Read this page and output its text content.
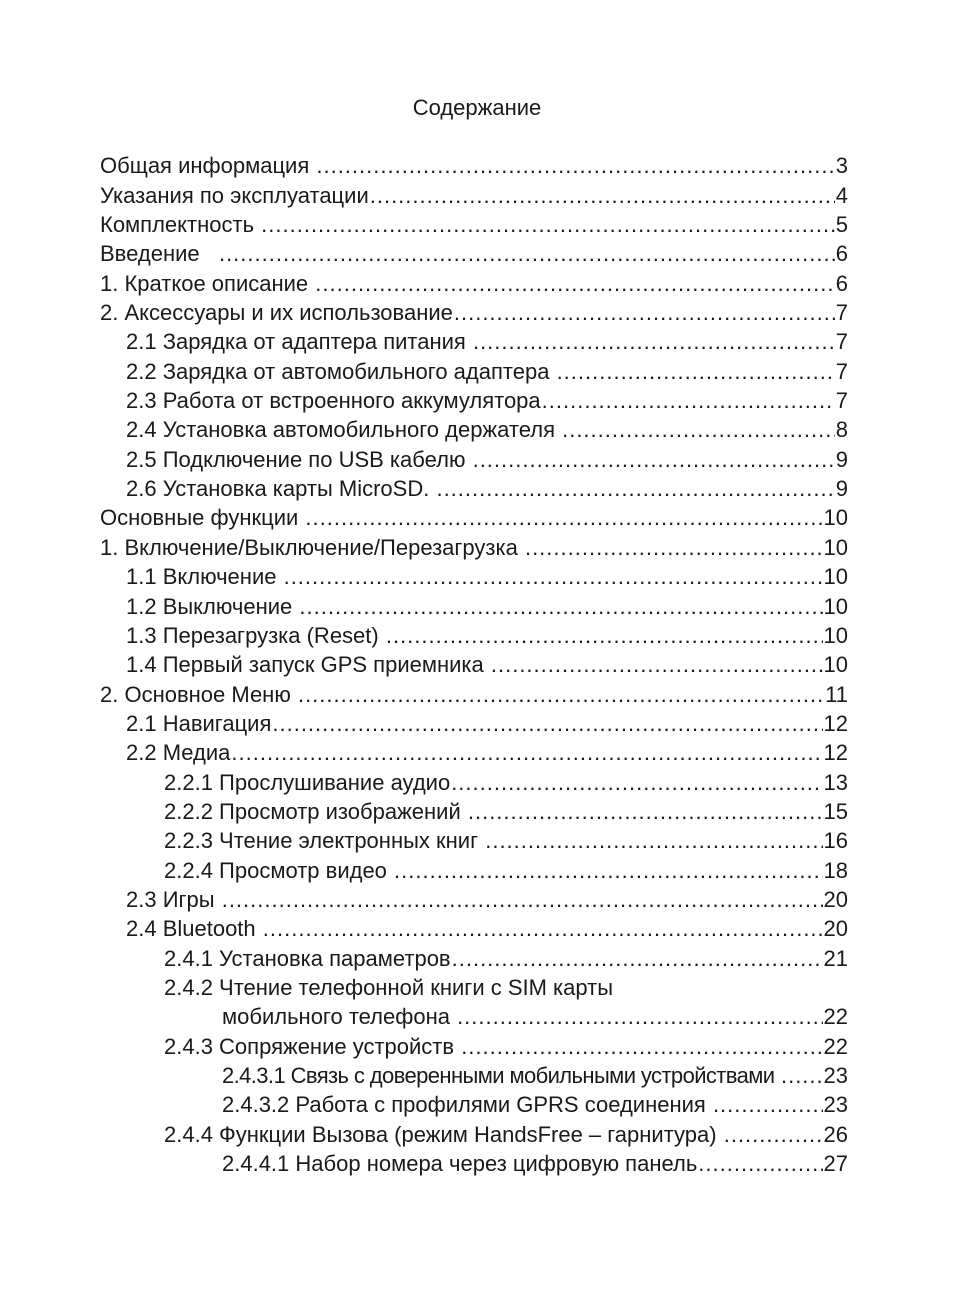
Содержание
Общая информация .....	3
Указания по эксплуатации .....	4
Комплектность .....	5
Введение .....	6
1. Краткое описание .....	6
2. Аксессуары и их использование .....	7
2.1 Зарядка от адаптера питания .....	7
2.2 Зарядка от автомобильного адаптера .....	7
2.3 Работа от встроенного аккумулятора .....	7
2.4 Установка автомобильного держателя .....	8
2.5 Подключение по USB кабелю .....	9
2.6 Установка карты MicroSD. .....	9
Основные функции .....	10
1. Включение/Выключение/Перезагрузка .....	10
1.1 Включение .....	10
1.2 Выключение .....	10
1.3 Перезагрузка (Reset) .....	10
1.4 Первый запуск GPS приемника .....	10
2. Основное Меню .....	11
2.1 Навигация .....	12
2.2 Медиа .....	12
2.2.1 Прослушивание аудио .....	13
2.2.2 Просмотр изображений .....	15
2.2.3 Чтение электронных книг .....	16
2.2.4 Просмотр видео .....	18
2.3 Игры .....	20
2.4 Bluetooth .....	20
2.4.1 Установка параметров .....	21
2.4.2 Чтение телефонной книги с SIM карты
мобильного телефона .....	22
2.4.3 Сопряжение устройств .....	22
2.4.3.1 Связь с доверенными мобильными устройствами ..... 23
2.4.3.2 Работа с профилями GPRS соединения .....	23
2.4.4 Функции Вызова (режим HandsFree – гарнитура) .....	26
2.4.4.1 Набор номера через цифровую панель .....	27
